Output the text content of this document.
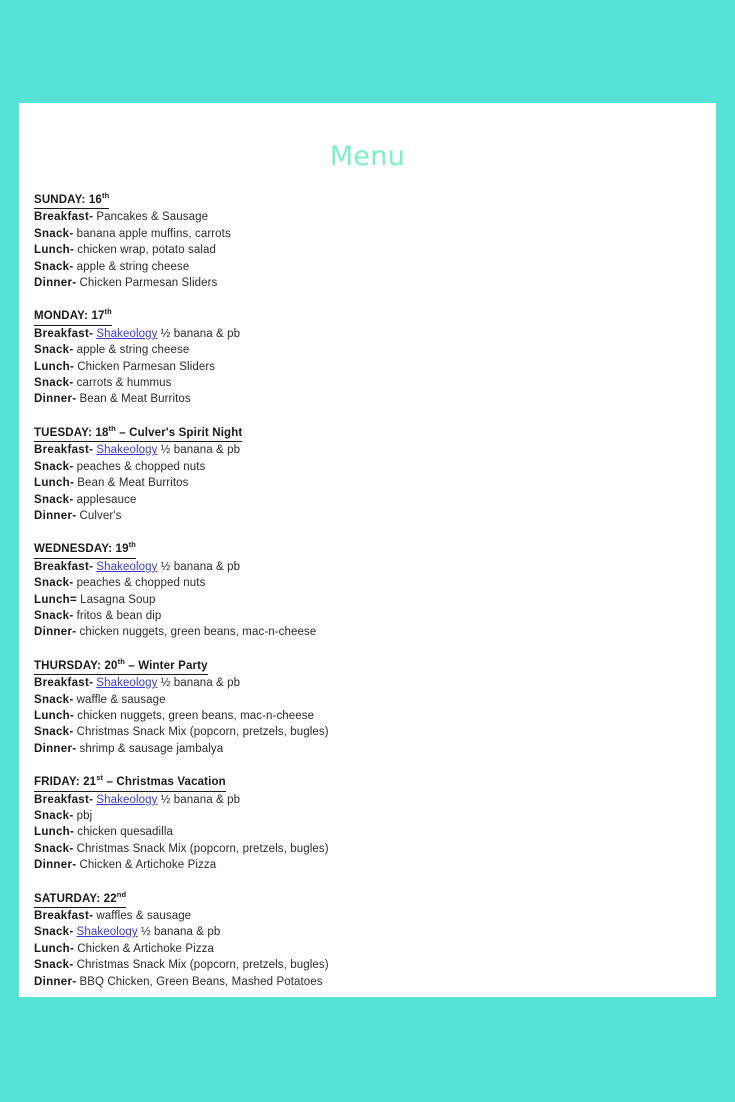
Menu
SUNDAY: 16th
Breakfast- Pancakes & Sausage
Snack- banana apple muffins, carrots
Lunch- chicken wrap, potato salad
Snack- apple & string cheese
Dinner- Chicken Parmesan Sliders
MONDAY: 17th
Breakfast- Shakeology ½ banana & pb
Snack- apple & string cheese
Lunch- Chicken Parmesan Sliders
Snack- carrots & hummus
Dinner- Bean & Meat Burritos
TUESDAY: 18th – Culver's Spirit Night
Breakfast- Shakeology ½ banana & pb
Snack- peaches & chopped nuts
Lunch- Bean & Meat Burritos
Snack- applesauce
Dinner- Culver's
WEDNESDAY: 19th
Breakfast- Shakeology ½ banana & pb
Snack- peaches & chopped nuts
Lunch= Lasagna Soup
Snack- fritos & bean dip
Dinner- chicken nuggets, green beans, mac-n-cheese
THURSDAY: 20th – Winter Party
Breakfast- Shakeology ½ banana & pb
Snack- waffle & sausage
Lunch- chicken nuggets, green beans, mac-n-cheese
Snack- Christmas Snack Mix (popcorn, pretzels, bugles)
Dinner- shrimp & sausage jambalya
FRIDAY: 21st – Christmas Vacation
Breakfast- Shakeology ½ banana & pb
Snack- pbj
Lunch- chicken quesadilla
Snack- Christmas Snack Mix (popcorn, pretzels, bugles)
Dinner- Chicken & Artichoke Pizza
SATURDAY: 22nd
Breakfast- waffles & sausage
Snack- Shakeology ½ banana & pb
Lunch- Chicken & Artichoke Pizza
Snack- Christmas Snack Mix (popcorn, pretzels, bugles)
Dinner- BBQ Chicken, Green Beans, Mashed Potatoes
